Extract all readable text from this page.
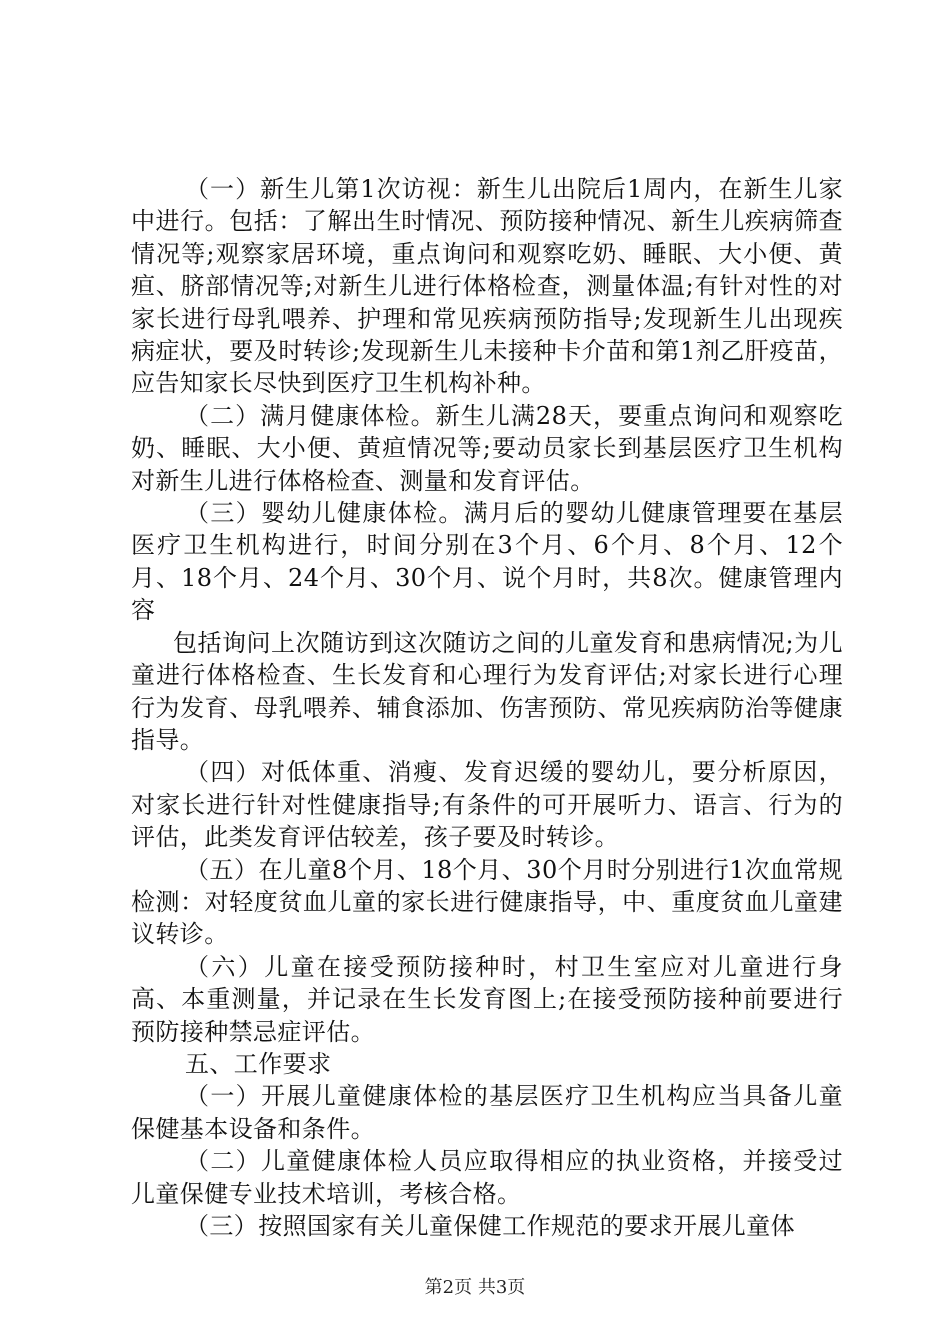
（一）新生儿第1次访视：新生儿出院后1周内，在新生儿家中进行。包括：了解出生时情况、预防接种情况、新生儿疾病筛查情况等;观察家居环境，重点询问和观察吃奶、睡眠、大小便、黄疸、脐部情况等;对新生儿进行体格检查，测量体温;有针对性的对家长进行母乳喂养、护理和常见疾病预防指导;发现新生儿出现疾病症状，要及时转诊;发现新生儿未接种卡介苗和第1剂乙肝疫苗，应告知家长尽快到医疗卫生机构补种。

（二）满月健康体检。新生儿满28天，要重点询问和观察吃奶、睡眠、大小便、黄疸情况等;要动员家长到基层医疗卫生机构对新生儿进行体格检查、测量和发育评估。

（三）婴幼儿健康体检。满月后的婴幼儿健康管理要在基层医疗卫生机构进行，时间分别在3个月、6个月、8个月、12个月、18个月、24个月、30个月、说个月时，共8次。健康管理内容

包括询问上次随访到这次随访之间的儿童发育和患病情况;为儿童进行体格检查、生长发育和心理行为发育评估;对家长进行心理行为发育、母乳喂养、辅食添加、伤害预防、常见疾病防治等健康指导。

（四）对低体重、消瘦、发育迟缓的婴幼儿，要分析原因，对家长进行针对性健康指导;有条件的可开展听力、语言、行为的评估，此类发育评估较差，孩子要及时转诊。

（五）在儿童8个月、18个月、30个月时分别进行1次血常规检测：对轻度贫血儿童的家长进行健康指导，中、重度贫血儿童建议转诊。

（六）儿童在接受预防接种时，村卫生室应对儿童进行身高、本重测量，并记录在生长发育图上;在接受预防接种前要进行预防接种禁忌症评估。

五、工作要求

（一）开展儿童健康体检的基层医疗卫生机构应当具备儿童保健基本设备和条件。

（二）儿童健康体检人员应取得相应的执业资格，并接受过儿童保健专业技术培训，考核合格。

（三）按照国家有关儿童保健工作规范的要求开展儿童体

第2页 共3页
